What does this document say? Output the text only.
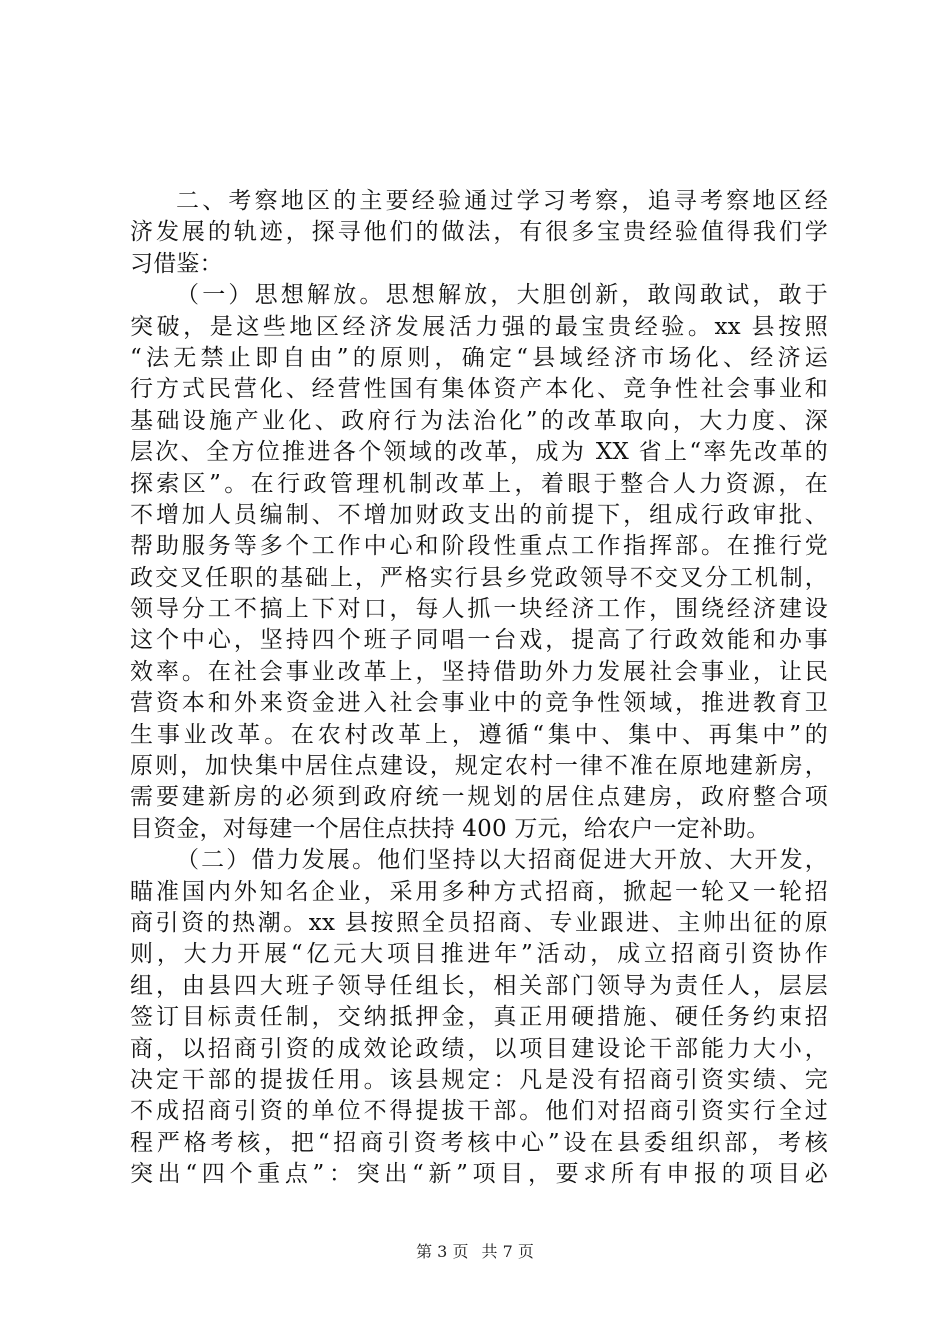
二、考察地区的主要经验通过学习考察，追寻考察地区经
济发展的轨迹，探寻他们的做法，有很多宝贵经验值得我们学
习借鉴：
（一）思想解放。思想解放，大胆创新，敢闯敢试，敢于
突破，是这些地区经济发展活力强的最宝贵经验。xx 县按照
“法无禁止即自由”的原则，确定“县域经济市场化、经济运
行方式民营化、经营性国有集体资产本化、竞争性社会事业和
基础设施产业化、政府行为法治化”的改革取向，大力度、深
层次、全方位推进各个领域的改革，成为 XX 省上“率先改革的
探索区”。在行政管理机制改革上，着眼于整合人力资源，在
不增加人员编制、不增加财政支出的前提下，组成行政审批、
帮助服务等多个工作中心和阶段性重点工作指挥部。在推行党
政交叉任职的基础上，严格实行县乡党政领导不交叉分工机制，
领导分工不搞上下对口，每人抓一块经济工作，围绕经济建设
这个中心，坚持四个班子同唱一台戏，提高了行政效能和办事
效率。在社会事业改革上，坚持借助外力发展社会事业，让民
营资本和外来资金进入社会事业中的竞争性领域，推进教育卫
生事业改革。在农村改革上，遵循“集中、集中、再集中”的
原则，加快集中居住点建设，规定农村一律不准在原地建新房，
需要建新房的必须到政府统一规划的居住点建房，政府整合项
目资金，对每建一个居住点扶持 400 万元，给农户一定补助。
（二）借力发展。他们坚持以大招商促进大开放、大开发，
瞄准国内外知名企业，采用多种方式招商，掀起一轮又一轮招
商引资的热潮。xx 县按照全员招商、专业跟进、主帅出征的原
则，大力开展“亿元大项目推进年”活动，成立招商引资协作
组，由县四大班子领导任组长，相关部门领导为责任人，层层
签订目标责任制，交纳抵押金，真正用硬措施、硬任务约束招
商，以招商引资的成效论政绩，以项目建设论干部能力大小，
决定干部的提拔任用。该县规定：凡是没有招商引资实绩、完
不成招商引资的单位不得提拔干部。他们对招商引资实行全过
程严格考核，把“招商引资考核中心”设在县委组织部，考核
突出“四个重点”：突出“新”项目，要求所有申报的项目必
第 3 页 共 7 页
